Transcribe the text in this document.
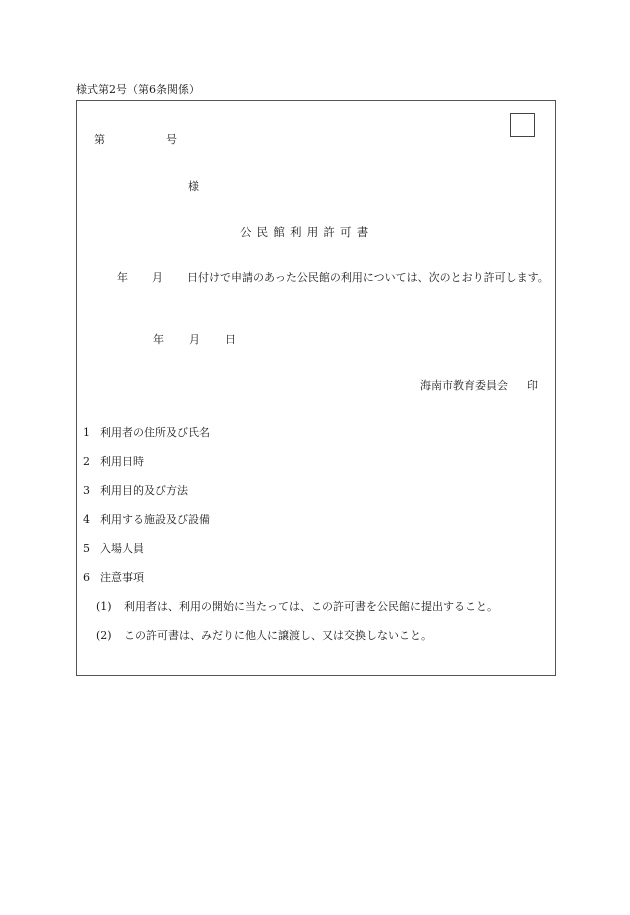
様式第2号（第6条関係）
第	号
様
公民館利用許可書
年 月 日付けで申請のあった公民館の利用については、次のとおり許可します。
年 月 日
海南市教育委員会 印
1 利用者の住所及び氏名
2 利用日時
3 利用目的及び方法
4 利用する施設及び設備
5 入場人員
6 注意事項
(1) 利用者は、利用の開始に当たっては、この許可書を公民館に提出すること。
(2) この許可書は、みだりに他人に譲渡し、又は交換しないこと。
